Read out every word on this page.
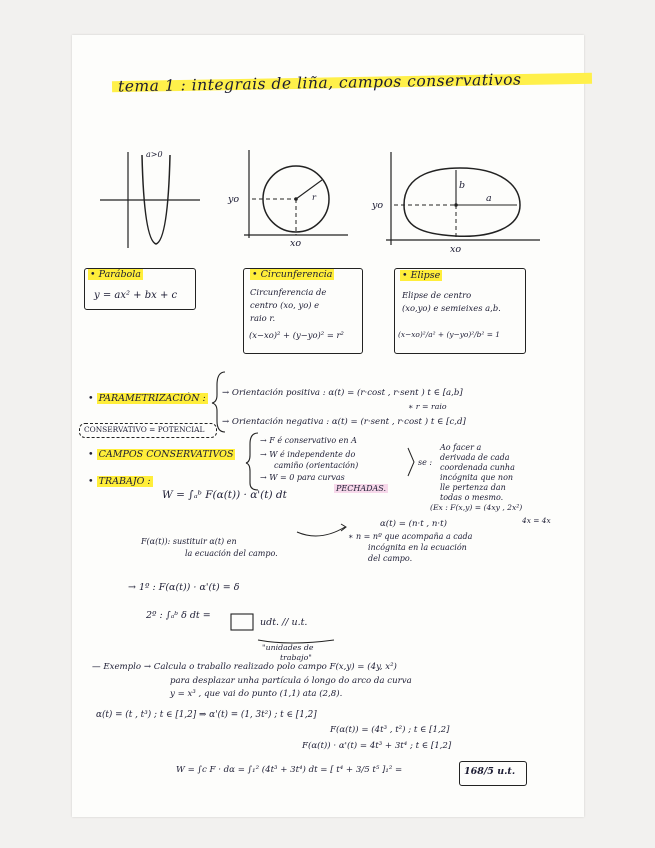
tema 1 : integrais de liña, campos conservativos
a>0
yo
xo
r
yo
xo
a
b
• Parábola
y = ax² + bx + c
• Circunferencia
Circunferencia de
centro (xo, yo) e
raio r.
(x−xo)² + (y−yo)² = r²
• Elipse
Elipse de centro
(xo,yo) e semieixes a,b.
(x−xo)²/a² + (y−yo)²/b² = 1
• PARAMETRIZACIÓN : → Orientación positiva : α(t) = (r·cost , r·sent ) t ∈ [a,b]
∗ r = raio
→ Orientación negativa : α(t) = (r·sent , r·cost ) t ∈ [c,d]
CONSERVATIVO = POTENCIAL
• CAMPOS CONSERVATIVOS
→ F é conservativo en A
→ W é independente do
camiño (orientación)
→ W = 0 para curvas
PECHADAS.
se :
Ao facer a
derivada de cada
coordenada cunha
incógnita que non
lle pertenza dan
todas o mesmo.
(Ex : F(x,y) = (4xy , 2x²)
4x = 4x
• TRABAJO :
W = ∫ₐᵇ F(α(t)) · α'(t) dt
α(t) = (n·t , n·t)
∗ n = nº que acompaña a cada
incógnita en la ecuación
del campo.
F(α(t)): sustituir α(t) en
la ecuación del campo.
→ 1º : F(α(t)) · α'(t) = δ
2º : ∫ₐᵇ δ dt =
udt. // u.t.
"unidades de
trabajo"
— Exemplo → Calcula o traballo realizado polo campo F(x,y) = (4y, x²)
para desplazar unha partícula ó longo do arco da curva
y = x³ , que vai do punto (1,1) ata (2,8).
α(t) = (t , t³) ; t ∈ [1,2] ⇒ α'(t) = (1, 3t²) ; t ∈ [1,2]
F(α(t)) = (4t³ , t²) ; t ∈ [1,2]
F(α(t)) · α'(t) = 4t³ + 3t⁴ ; t ∈ [1,2]
W = ∫c F · dα = ∫₁² (4t³ + 3t⁴) dt = [ t⁴ + 3/5 t⁵ ]₁² =	168/5 u.t.
